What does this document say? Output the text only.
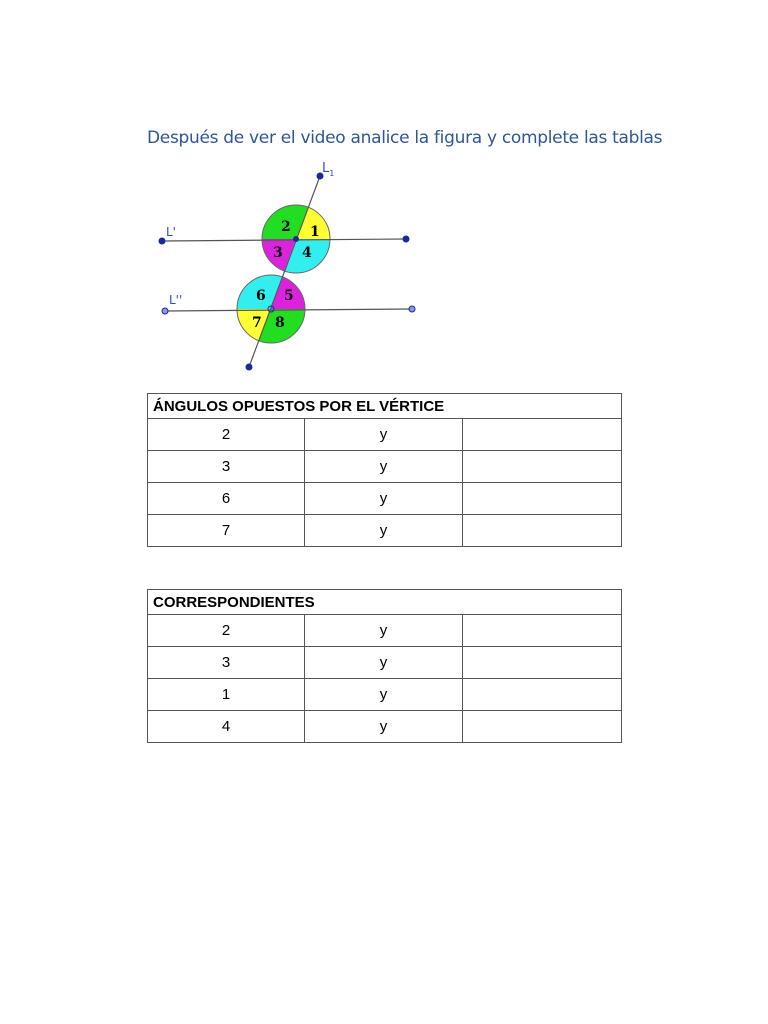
Después de ver el video analice la figura y complete las tablas
$L_1$
L'
L''
1
2
3 4
5
6
7 8
ÁNGULOS OPUESTOS POR EL VÉRTICE		
2	y	
3	y	
6	y	
7	y	
CORRESPONDIENTES		
2	y	
3	y	
1	y	
4	y	
